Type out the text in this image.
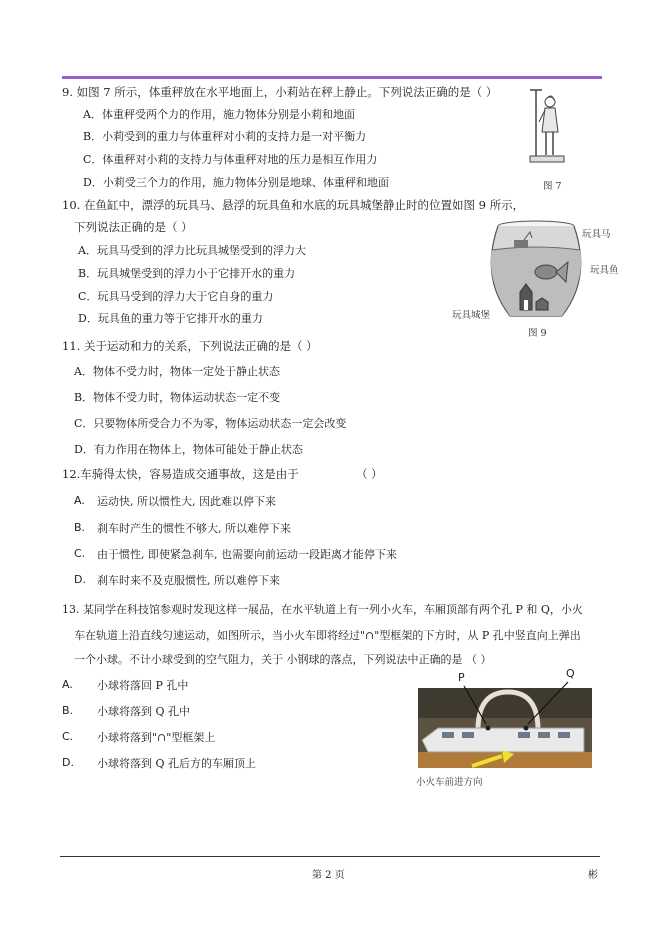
9. 如图 7 所示，体重秤放在水平地面上，小莉站在秤上静止。下列说法正确的是（ ）
A．体重秤受两个力的作用，施力物体分别是小莉和地面
B．小莉受到的重力与体重秤对小莉的支持力是一对平衡力
C．体重秤对小莉的支持力与体重秤对地的压力是相互作用力
D．小莉受三个力的作用，施力物体分别是地球、体重秤和地面	图 7
10. 在鱼缸中，漂浮的玩具马、悬浮的玩具鱼和水底的玩具城堡静止时的位置如图 9 所示，
下列说法正确的是（ ）
A．玩具马受到的浮力比玩具城堡受到的浮力大
B．玩具城堡受到的浮力小于它排开水的重力
C．玩具马受到的浮力大于它自身的重力
D．玩具鱼的重力等于它排开水的重力
玩具马
玩具鱼
玩具城堡
图 9
11. 关于运动和力的关系，下列说法正确的是（ ）
A．物体不受力时，物体一定处于静止状态
B．物体不受力时，物体运动状态一定不变
C．只要物体所受合力不为零，物体运动状态一定会改变
D．有力作用在物体上，物体可能处于静止状态
12.车骑得太快，容易造成交通事故，这是由于	（ ）
A. 运动快, 所以惯性大, 因此难以停下来
B. 刹车时产生的惯性不够大, 所以难停下来
C. 由于惯性, 即使紧急刹车, 也需要向前运动一段距离才能停下来
D. 刹车时来不及克服惯性, 所以难停下来
13. 某同学在科技馆参观时发现这样一展品，在水平轨道上有一列小火车，车厢顶部有两个孔 P 和 Q，小火
车在轨道上沿直线匀速运动，如图所示，当小火车即将经过"∩"型框架的下方时，从 P 孔中竖直向上弹出
一个小球。不计小球受到的空气阻力，关于 小钢球的落点，下列说法中正确的是 （ ）
A. 小球将落回 P 孔中
B. 小球将落到 Q 孔中
C. 小球将落到"∩"型框架上
D. 小球将落到 Q 孔后方的车厢顶上
P	Q
小火车前进方向
第 2 页	彬
